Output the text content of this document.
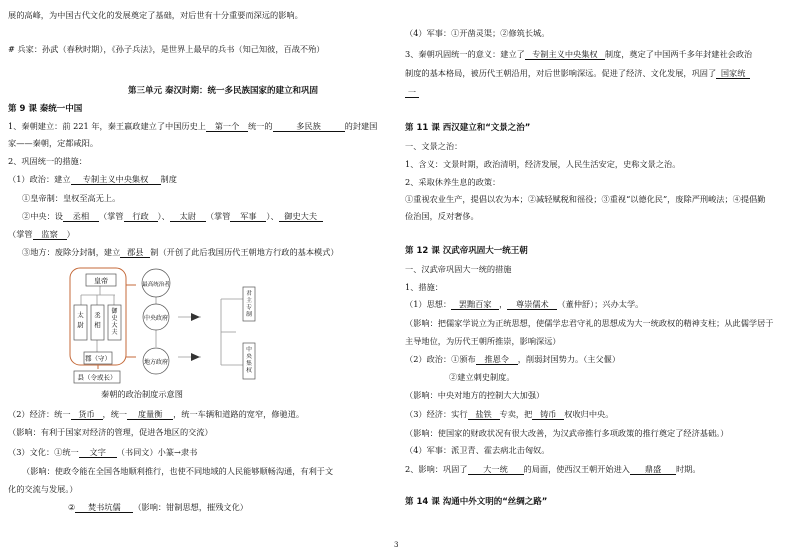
展的高峰，为中国古代文化的发展奠定了基础，对后世有十分重要而深远的影响。
# 兵家：孙武（春秋时期），《孙子兵法》，是世界上最早的兵书（知己知彼，百战不殆）
第三单元 秦汉时期：统一多民族国家的建立和巩固
第 9 课 秦统一中国
1、秦朝建立：前 221 年，秦王嬴政建立了中国历史上 第一个 统一的	多民族	的封建国
家——秦朝，定都咸阳。
2、巩固统一的措施：
（1）政治：建立 专制主义中央集权 制度
①皇帝制：皇权至高无上。
②中央：设 丞相 （掌管 行政 ）、 太尉 （掌管 军事 ）、 御史大夫
（掌管 监察 ）
③地方：废除分封制，建立 郡县 制（开创了此后我国历代王朝地方行政的基本模式）
皇帝
太尉
丞相
御史大夫
郡（守）
县（令或长）
最高统治者
中央政府
地方政府
君主专制
中央集权
秦朝的政治制度示意图
（2）经济：统一 货币 ，统一 度量衡 ，统一车辆和道路的宽窄，修驰道。
（影响：有利于国家对经济的管理，促进各地区的交流）
（3）文化：①统一 文字 （书同文）小篆→隶书
（影响：使政令能在全国各地顺利推行，也使不同地域的人民能够顺畅沟通，有利于文
化的交流与发展。）
② 焚书坑儒 （影响：钳制思想，摧残文化）
（4）军事：①开凿灵渠；②修筑长城。
3、秦朝巩固统一的意义：建立了 专制主义中央集权 制度，奠定了中国两千多年封建社会政治
制度的基本格局，被历代王朝沿用，对后世影响深远。促进了经济、文化发展，巩固了 国家统
一
第 11 课 西汉建立和“文景之治”
一、文景之治：
1、含义：文景时期，政治清明，经济发展，人民生活安定，史称文景之治。
2、采取休养生息的政策：
①重视农业生产，提倡以农为本；②减轻赋税和徭役；③重视“以德化民”，废除严刑峻法；④提倡勤
俭治国，反对奢侈。
第 12 课 汉武帝巩固大一统王朝
一、汉武帝巩固大一统的措施
1、措施：
（1）思想： 罢黜百家 ， 尊崇儒术 （董仲舒）；兴办太学。
（影响：把儒家学说立为正统思想，使儒学忠君守礼的思想成为大一统政权的精神支柱；从此儒学居于
主导地位，为历代王朝所推崇，影响深远）
（2）政治：①颁布 推恩令 ，削弱封国势力。（主父偃）
②建立刺史制度。
（影响：中央对地方的控制大大加强）
（3）经济：实行 盐铁 专卖，把 铸币 权收归中央。
（影响：使国家的财政状况有很大改善，为汉武帝推行多项政策的推行奠定了经济基础。）
（4）军事：派卫青、霍去病北击匈奴。
2、影响：巩固了 大一统 的局面，使西汉王朝开始进入 鼎盛 时期。
第 14 课 沟通中外文明的“丝绸之路”
3
